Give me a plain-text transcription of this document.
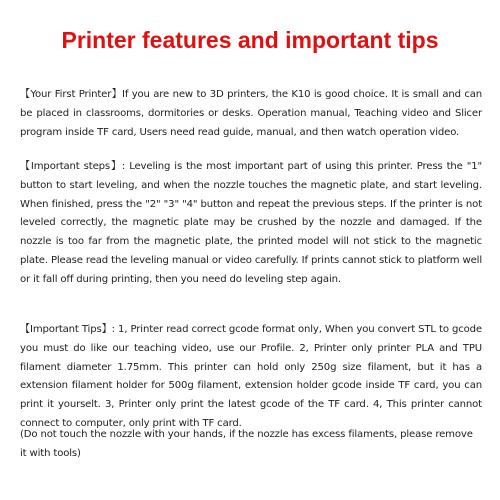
Printer features and important tips
【Your First Printer】If you are new to 3D printers, the K10 is good choice. It is small and can be placed in classrooms, dormitories or desks. Operation manual, Teaching video and Slicer program inside TF card, Users need read guide, manual, and then watch operation video.
【Important steps】: Leveling is the most important part of using this printer. Press the "1" button to start leveling, and when the nozzle touches the magnetic plate, and start leveling. When finished, press the "2" "3" "4" button and repeat the previous steps. If the printer is not leveled correctly, the magnetic plate may be crushed by the nozzle and damaged. If the nozzle is too far from the magnetic plate, the printed model will not stick to the magnetic plate. Please read the leveling manual or video carefully. If prints cannot stick to platform well or it fall off during printing, then you need do leveling step again.
【Important Tips】: 1, Printer read correct gcode format only, When you convert STL to gcode you must do like our teaching video, use our Profile. 2, Printer only printer PLA and TPU filament diameter 1.75mm. This printer can hold only 250g size filament, but it has a extension filament holder for 500g filament, extension holder gcode inside TF card, you can print it yourselt. 3, Printer only print the latest gcode of the TF card. 4, This printer cannot connect to computer, only print with TF card.
(Do not touch the nozzle with your hands, if the nozzle has excess filaments, please remove it with tools)
